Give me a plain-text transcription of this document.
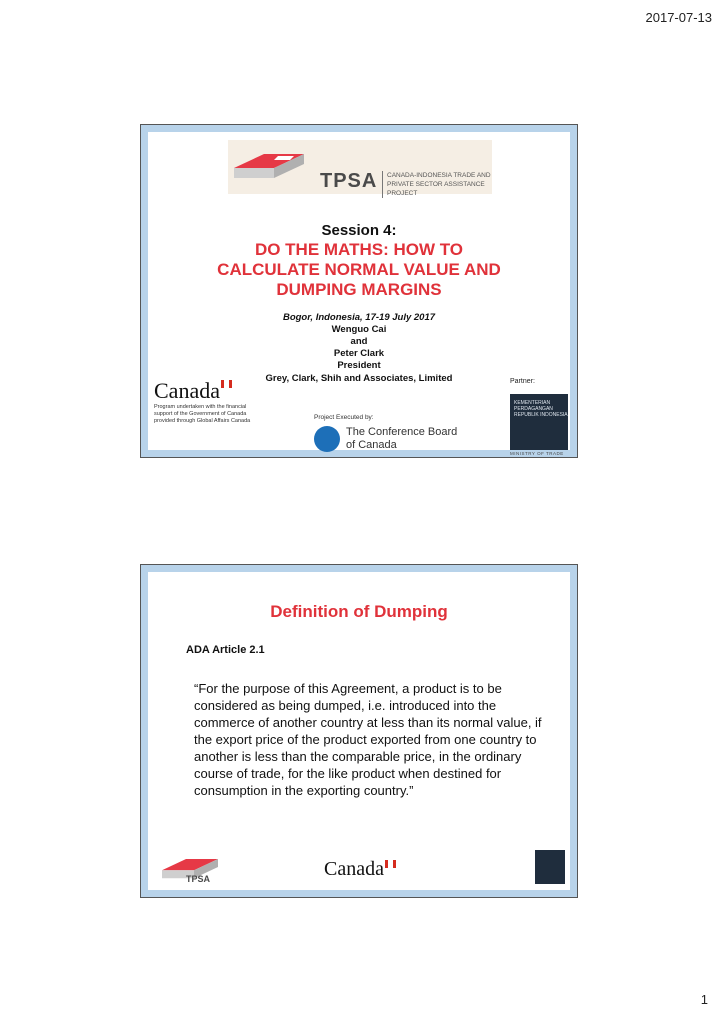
2017-07-13
TPSA CANADA-INDONESIA TRADE AND
PRIVATE SECTOR ASSISTANCE PROJECT
Session 4:
DO THE MATHS: HOW TO
CALCULATE NORMAL VALUE AND
DUMPING MARGINS
Bogor, Indonesia, 17-19 July 2017
Wenguo Cai
and
Peter Clark
President
Grey, Clark, Shih and Associates, Limited	Partner:
Canada
Program undertaken with the financial
support of the Government of Canada
provided through Global Affairs Canada	Project Executed by:
The Conference Board
of Canada
KEMENTERIAN
PERDAGANGAN
REPUBLIK INDONESIA
MINISTRY OF TRADE
Definition of Dumping
ADA Article 2.1
“For the purpose of this Agreement, a product is to be considered as being dumped, i.e. introduced into the commerce of another country at less than its normal value, if the export price of the product exported from one country to another is less than the comparable price, in the ordinary course of trade, for the like product when destined for consumption in the exporting country.”
TPSA	Canada
1
